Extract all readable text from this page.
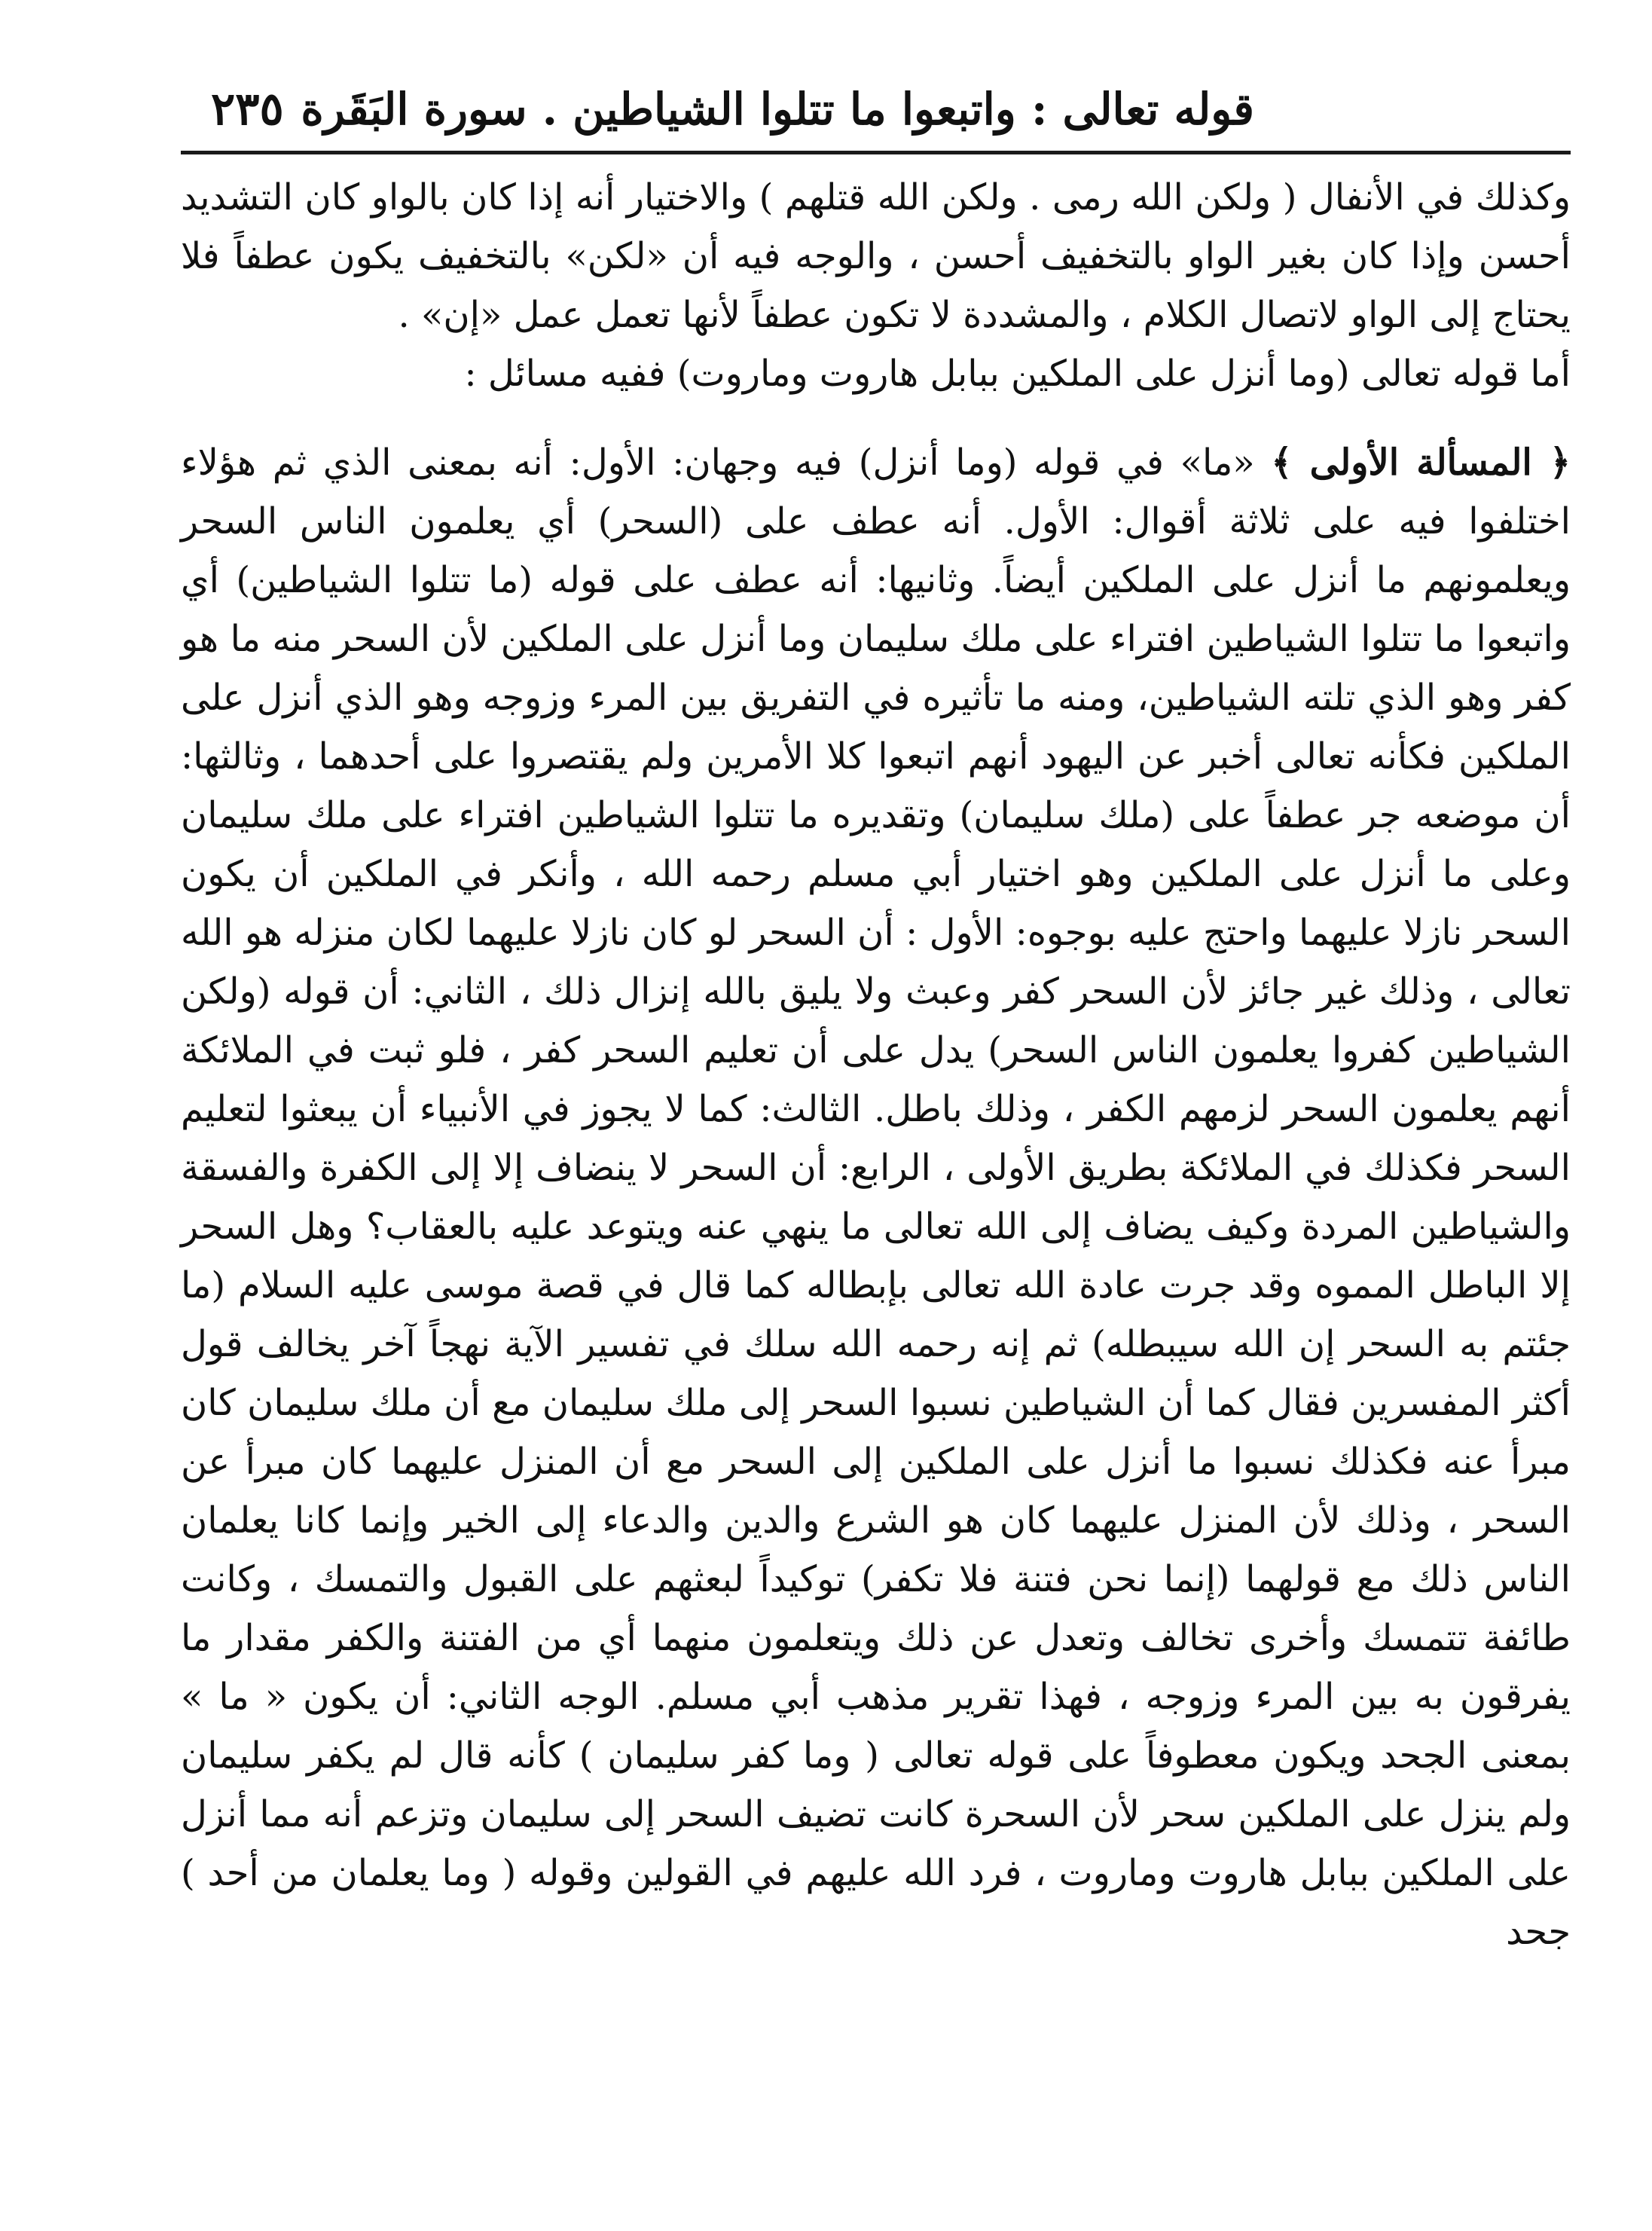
قوله تعالى : واتبعوا ما تتلوا الشياطين . سورة البَقَرة
٢٣٥

وكذلك في الأنفال ( ولكن الله رمى . ولكن الله قتلهم ) والاختيار أنه إذا كان بالواو كان التشديد أحسن وإذا كان بغير الواو بالتخفيف أحسن ، والوجه فيه أن «لكن» بالتخفيف يكون عطفاً فلا يحتاج إلى الواو لاتصال الكلام ، والمشددة لا تكون عطفاً لأنها تعمل عمل «إن» .

أما قوله تعالى (وما أنزل على الملكين ببابل هاروت وماروت) ففيه مسائل :

﴿ المسألة الأولى ﴾ «ما» في قوله (وما أنزل) فيه وجهان: الأول: أنه بمعنى الذي ثم هؤلاء اختلفوا فيه على ثلاثة أقوال: الأول. أنه عطف على (السحر) أي يعلمون الناس السحر ويعلمونهم ما أنزل على الملكين أيضاً. وثانيها: أنه عطف على قوله (ما تتلوا الشياطين) أي واتبعوا ما تتلوا الشياطين افتراء على ملك سليمان وما أنزل على الملكين لأن السحر منه ما هو كفر وهو الذي تلته الشياطين، ومنه ما تأثيره في التفريق بين المرء وزوجه وهو الذي أنزل على الملكين فكأنه تعالى أخبر عن اليهود أنهم اتبعوا كلا الأمرين ولم يقتصروا على أحدهما ، وثالثها: أن موضعه جر عطفاً على (ملك سليمان) وتقديره ما تتلوا الشياطين افتراء على ملك سليمان وعلى ما أنزل على الملكين وهو اختيار أبي مسلم رحمه الله ، وأنكر في الملكين أن يكون السحر نازلا عليهما واحتج عليه بوجوه: الأول : أن السحر لو كان نازلا عليهما لكان منزله هو الله تعالى ، وذلك غير جائز لأن السحر كفر وعبث ولا يليق بالله إنزال ذلك ، الثاني: أن قوله (ولكن الشياطين كفروا يعلمون الناس السحر) يدل على أن تعليم السحر كفر ، فلو ثبت في الملائكة أنهم يعلمون السحر لزمهم الكفر ، وذلك باطل. الثالث: كما لا يجوز في الأنبياء أن يبعثوا لتعليم السحر فكذلك في الملائكة بطريق الأولى ، الرابع: أن السحر لا ينضاف إلا إلى الكفرة والفسقة والشياطين المردة وكيف يضاف إلى الله تعالى ما ينهي عنه ويتوعد عليه بالعقاب؟ وهل السحر إلا الباطل المموه وقد جرت عادة الله تعالى بإبطاله كما قال في قصة موسى عليه السلام (ما جئتم به السحر إن الله سيبطله) ثم إنه رحمه الله سلك في تفسير الآية نهجاً آخر يخالف قول أكثر المفسرين فقال كما أن الشياطين نسبوا السحر إلى ملك سليمان مع أن ملك سليمان كان مبرأ عنه فكذلك نسبوا ما أنزل على الملكين إلى السحر مع أن المنزل عليهما كان مبرأ عن السحر ، وذلك لأن المنزل عليهما كان هو الشرع والدين والدعاء إلى الخير وإنما كانا يعلمان الناس ذلك مع قولهما (إنما نحن فتنة فلا تكفر) توكيداً لبعثهم على القبول والتمسك ، وكانت طائفة تتمسك وأخرى تخالف وتعدل عن ذلك ويتعلمون منهما أي من الفتنة والكفر مقدار ما يفرقون به بين المرء وزوجه ، فهذا تقرير مذهب أبي مسلم. الوجه الثاني: أن يكون « ما » بمعنى الجحد ويكون معطوفاً على قوله تعالى ( وما كفر سليمان ) كأنه قال لم يكفر سليمان ولم ينزل على الملكين سحر لأن السحرة كانت تضيف السحر إلى سليمان وتزعم أنه مما أنزل على الملكين ببابل هاروت وماروت ، فرد الله عليهم في القولين وقوله ( وما يعلمان من أحد ) جحد
